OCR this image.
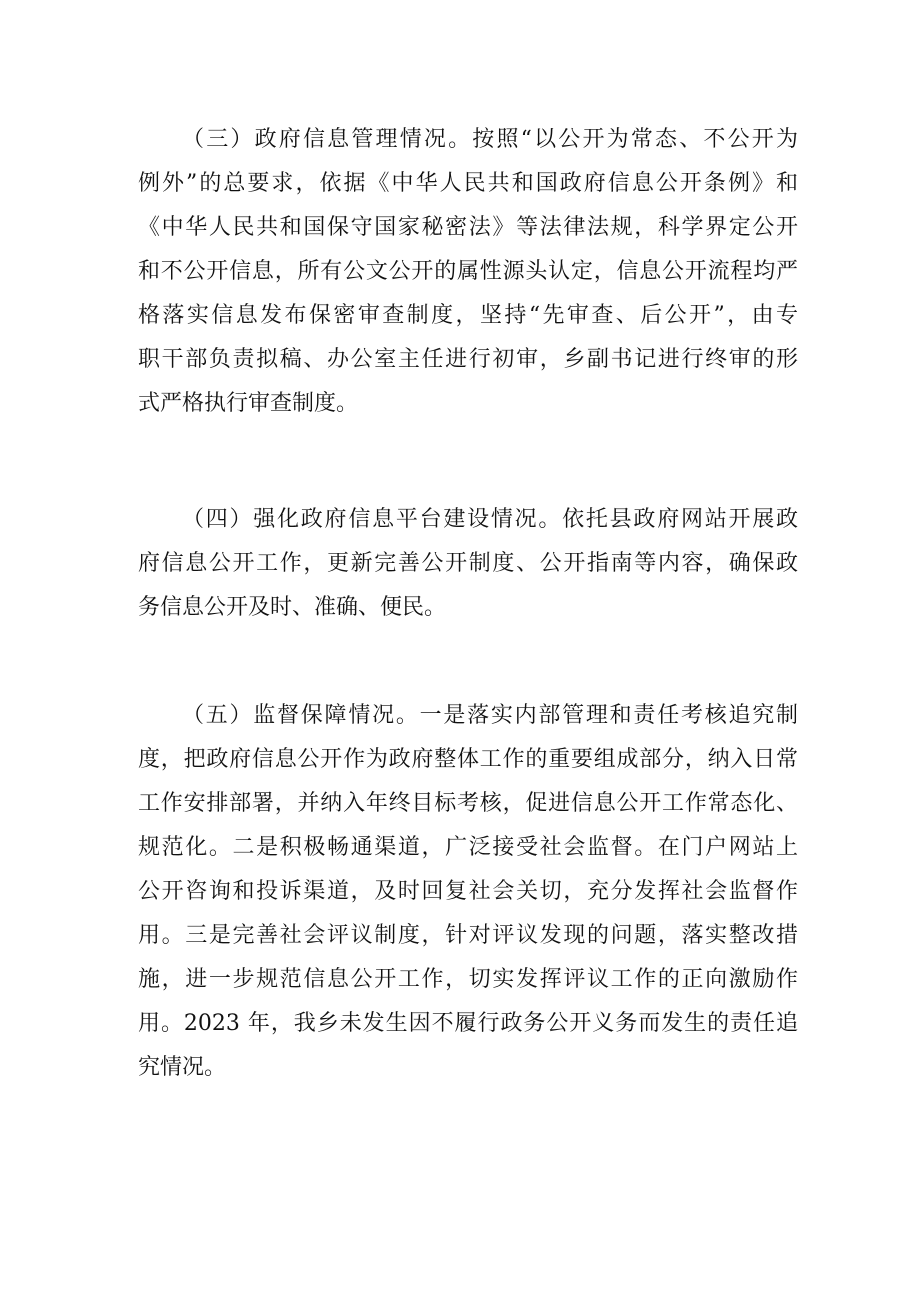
（三）政府信息管理情况。按照“以公开为常态、不公开为
例外”的总要求，依据《中华人民共和国政府信息公开条例》和
《中华人民共和国保守国家秘密法》等法律法规，科学界定公开
和不公开信息，所有公文公开的属性源头认定，信息公开流程均严
格落实信息发布保密审查制度，坚持“先审查、后公开”，由专
职干部负责拟稿、办公室主任进行初审，乡副书记进行终审的形
式严格执行审查制度。
（四）强化政府信息平台建设情况。依托县政府网站开展政
府信息公开工作，更新完善公开制度、公开指南等内容，确保政
务信息公开及时、准确、便民。
（五）监督保障情况。一是落实内部管理和责任考核追究制
度，把政府信息公开作为政府整体工作的重要组成部分，纳入日常
工作安排部署，并纳入年终目标考核，促进信息公开工作常态化、
规范化。二是积极畅通渠道，广泛接受社会监督。在门户网站上
公开咨询和投诉渠道，及时回复社会关切，充分发挥社会监督作
用。三是完善社会评议制度，针对评议发现的问题，落实整改措
施，进一步规范信息公开工作，切实发挥评议工作的正向激励作
用。2023 年，我乡未发生因不履行政务公开义务而发生的责任追
究情况。
